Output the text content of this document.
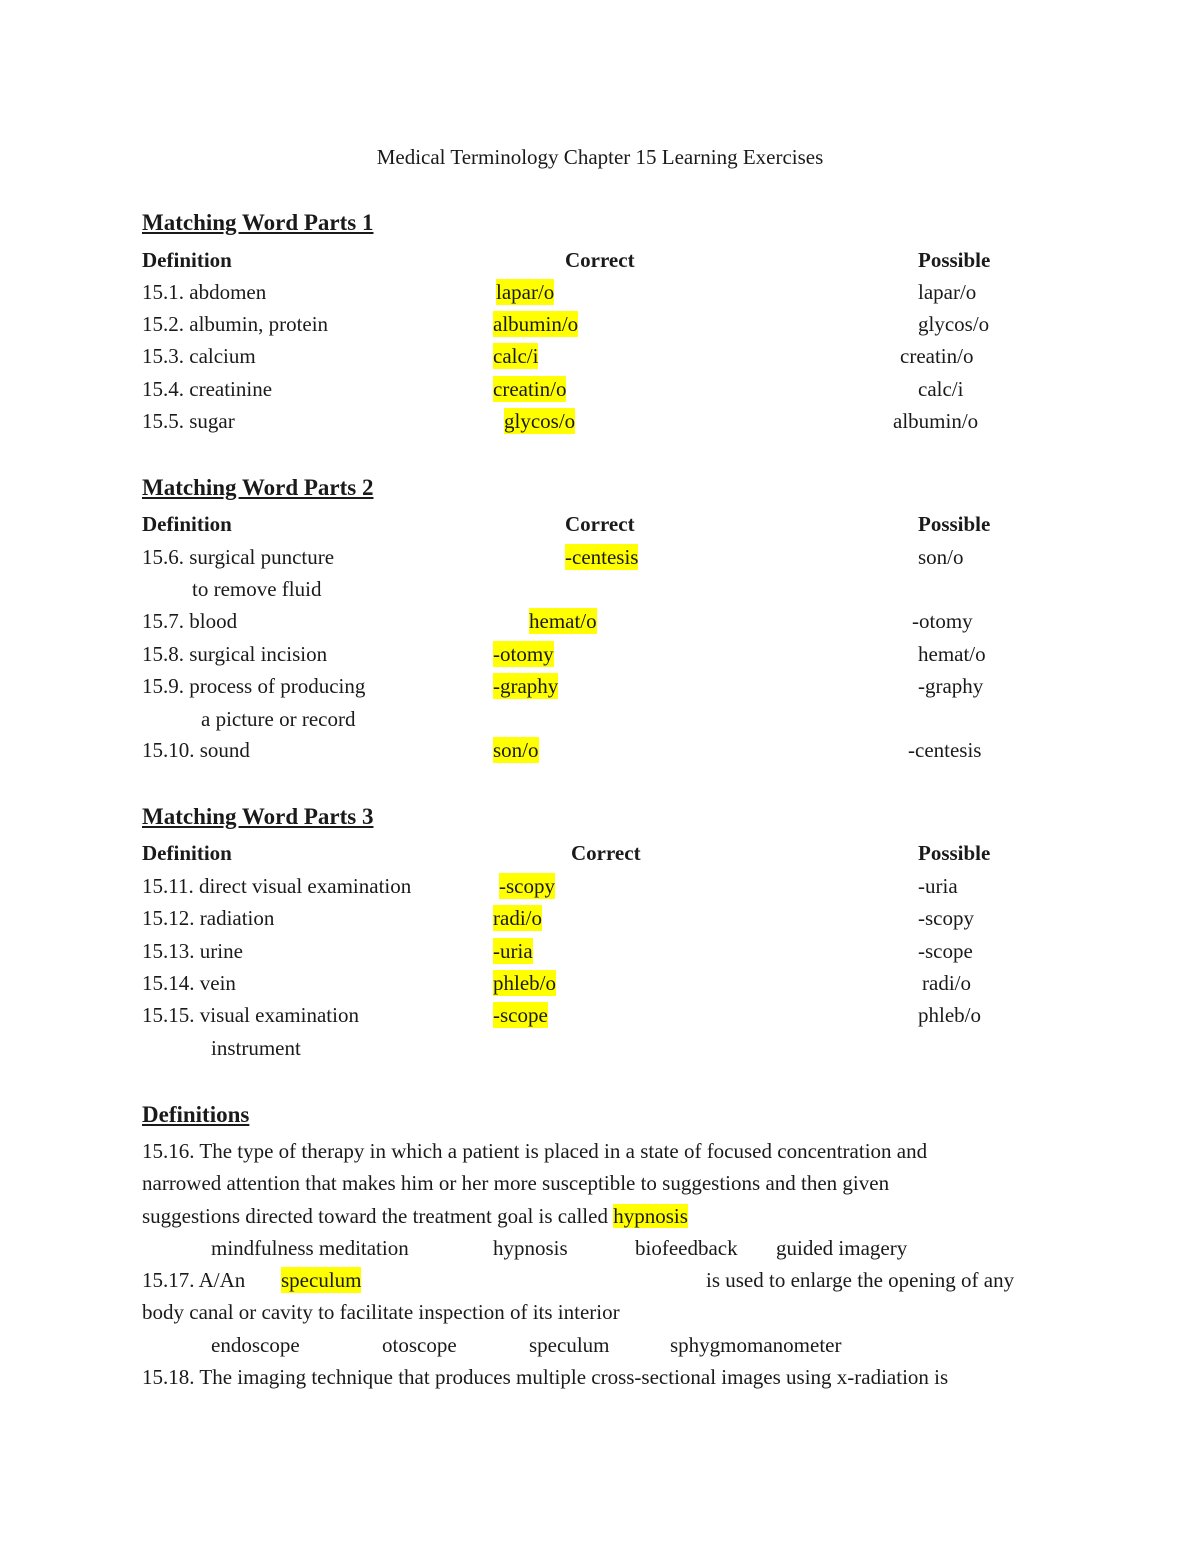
Medical Terminology Chapter 15 Learning Exercises
Matching Word Parts 1
Definition	Correct	Possible
15.1. abdomen	lapar/o	lapar/o
15.2. albumin, protein	albumin/o	glycos/o
15.3. calcium	calc/i	creatin/o
15.4. creatinine	creatin/o	calc/i
15.5. sugar	glycos/o	albumin/o
Matching Word Parts 2
Definition	Correct	Possible
15.6. surgical puncture	-centesis	son/o
to remove fluid
15.7. blood	hemat/o	-otomy
15.8. surgical incision	-otomy	hemat/o
15.9. process of producing	-graphy	-graphy
a picture or record
15.10. sound	son/o	-centesis
Matching Word Parts 3
Definition	Correct	Possible
15.11. direct visual examination	-scopy	-uria
15.12. radiation	radi/o	-scopy
15.13. urine	-uria	-scope
15.14. vein	phleb/o	radi/o
15.15. visual examination	-scope	phleb/o
instrument
Definitions
15.16. The type of therapy in which a patient is placed in a state of focused concentration and
narrowed attention that makes him or her more susceptible to suggestions and then given
suggestions directed toward the treatment goal is called hypnosis
mindfulness meditation	hypnosis	biofeedback guided imagery
15.17. A/An speculum	is used to enlarge the opening of any
body canal or cavity to facilitate inspection of its interior
endoscope	otoscope	speculum	sphygmomanometer
15.18. The imaging technique that produces multiple cross-sectional images using x-radiation is
